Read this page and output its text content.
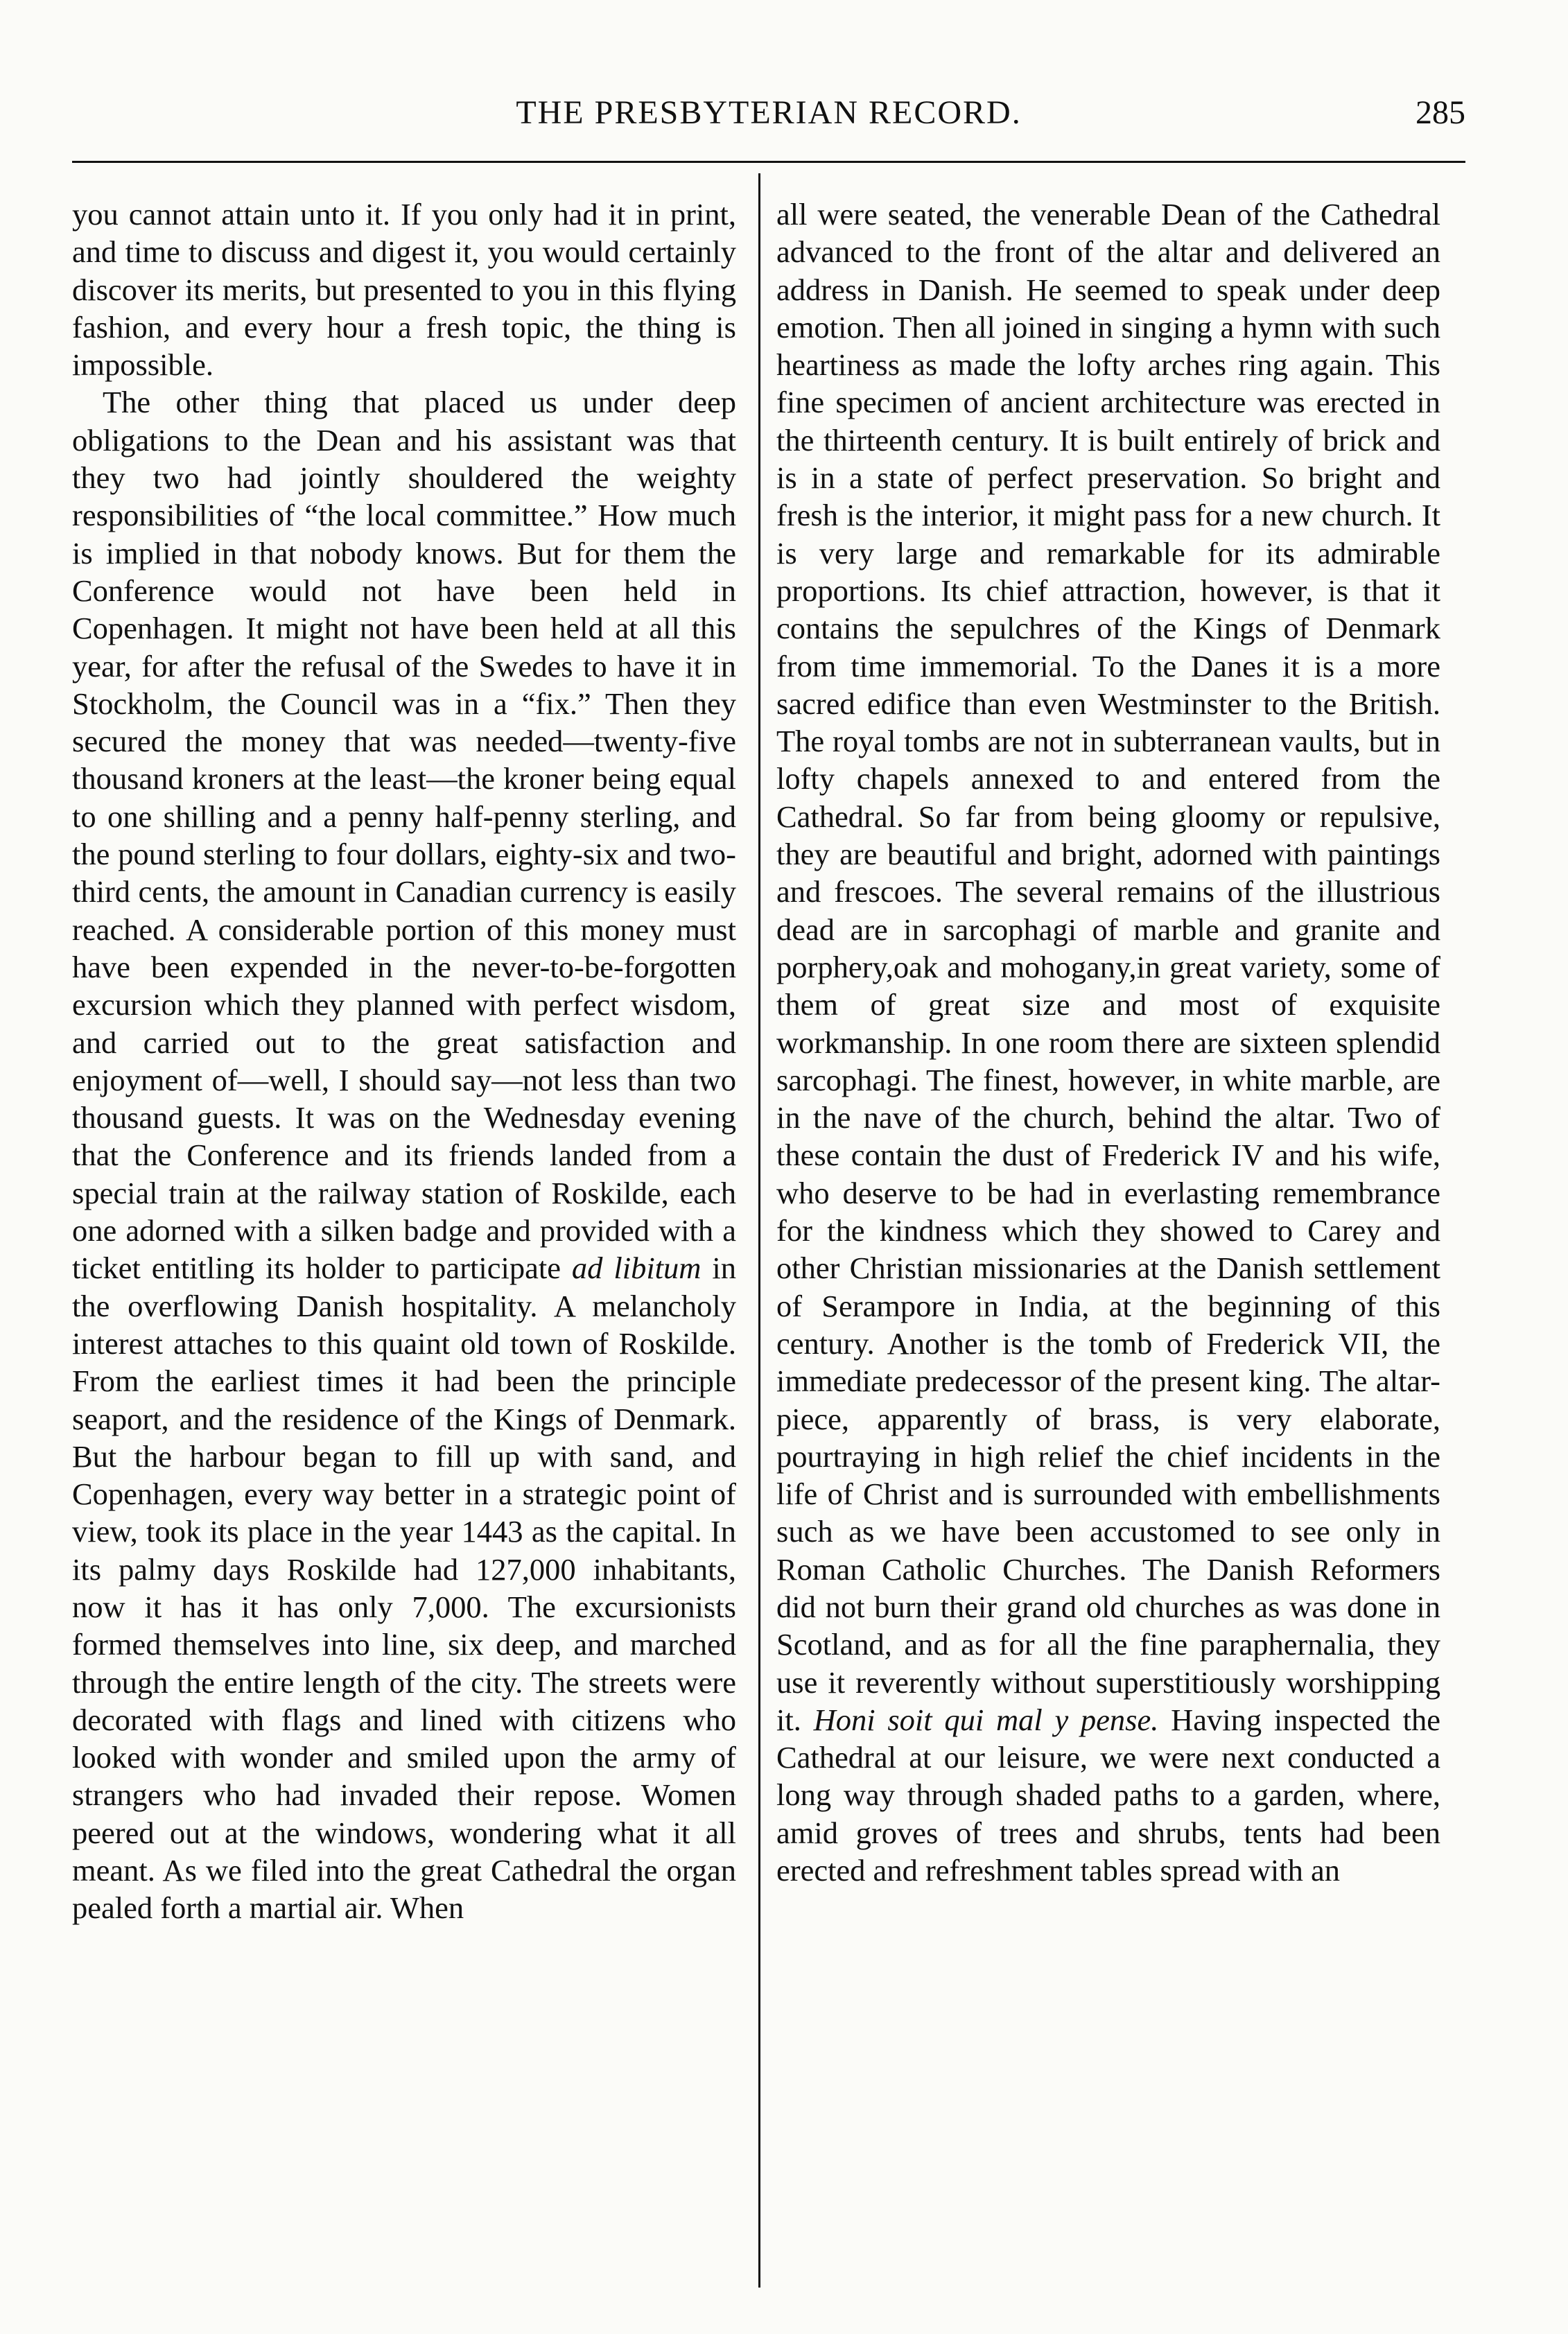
THE PRESBYTERIAN RECORD.	285

you cannot attain unto it. If you only had it in print, and time to discuss and digest it, you would certainly discover its merits, but presented to you in this flying fashion, and every hour a fresh topic, the thing is impossible.

The other thing that placed us under deep obligations to the Dean and his assistant was that they two had jointly shouldered the weighty responsibilities of “the local committee.” How much is implied in that nobody knows. But for them the Conference would not have been held in Copenhagen. It might not have been held at all this year, for after the refusal of the Swedes to have it in Stockholm, the Council was in a “fix.” Then they secured the money that was needed—twenty-five thousand kroners at the least—the kroner being equal to one shilling and a penny half-penny sterling, and the pound sterling to four dollars, eighty-six and two-third cents, the amount in Canadian currency is easily reached. A considerable portion of this money must have been expended in the never-to-be-forgotten excursion which they planned with perfect wisdom, and carried out to the great satisfaction and enjoyment of—well, I should say—not less than two thousand guests. It was on the Wednesday evening that the Conference and its friends landed from a special train at the railway station of Roskilde, each one adorned with a silken badge and provided with a ticket entitling its holder to participate ad libitum in the overflowing Danish hospitality. A melancholy interest attaches to this quaint old town of Roskilde. From the earliest times it had been the principle seaport, and the residence of the Kings of Denmark. But the harbour began to fill up with sand, and Copenhagen, every way better in a strategic point of view, took its place in the year 1443 as the capital. In its palmy days Roskilde had 127,000 inhabitants, now it has it has only 7,000. The excursionists formed themselves into line, six deep, and marched through the entire length of the city. The streets were decorated with flags and lined with citizens who looked with wonder and smiled upon the army of strangers who had invaded their repose. Women peered out at the windows, wondering what it all meant. As we filed into the great Cathedral the organ pealed forth a martial air. When

all were seated, the venerable Dean of the Cathedral advanced to the front of the altar and delivered an address in Danish. He seemed to speak under deep emotion. Then all joined in singing a hymn with such heartiness as made the lofty arches ring again. This fine specimen of ancient architecture was erected in the thirteenth century. It is built entirely of brick and is in a state of perfect preservation. So bright and fresh is the interior, it might pass for a new church. It is very large and remarkable for its admirable proportions. Its chief attraction, however, is that it contains the sepulchres of the Kings of Denmark from time immemorial. To the Danes it is a more sacred edifice than even Westminster to the British. The royal tombs are not in subterranean vaults, but in lofty chapels annexed to and entered from the Cathedral. So far from being gloomy or repulsive, they are beautiful and bright, adorned with paintings and frescoes. The several remains of the illustrious dead are in sarcophagi of marble and granite and porphery,oak and mohogany,in great variety, some of them of great size and most of exquisite workmanship. In one room there are sixteen splendid sarcophagi. The finest, however, in white marble, are in the nave of the church, behind the altar. Two of these contain the dust of Frederick IV and his wife, who deserve to be had in everlasting remembrance for the kindness which they showed to Carey and other Christian missionaries at the Danish settlement of Serampore in India, at the beginning of this century. Another is the tomb of Frederick VII, the immediate predecessor of the present king. The altar-piece, apparently of brass, is very elaborate, pourtraying in high relief the chief incidents in the life of Christ and is surrounded with embellishments such as we have been accustomed to see only in Roman Catholic Churches. The Danish Reformers did not burn their grand old churches as was done in Scotland, and as for all the fine paraphernalia, they use it reverently without superstitiously worshipping it. Honi soit qui mal y pense. Having inspected the Cathedral at our leisure, we were next conducted a long way through shaded paths to a garden, where, amid groves of trees and shrubs, tents had been erected and refreshment tables spread with an
